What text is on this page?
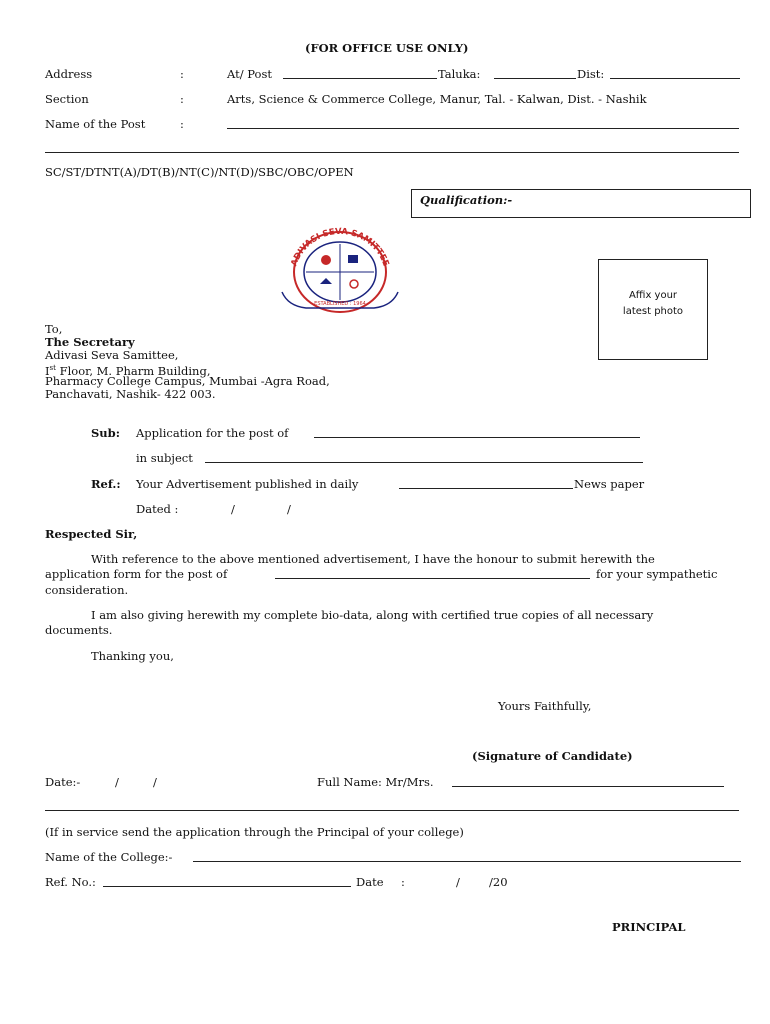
(FOR OFFICE USE ONLY)
Address	:	At/ Post	Taluka:	Dist:
Section	:	Arts, Science & Commerce College, Manur, Tal. - Kalwan, Dist. - Nashik
Name of the Post	:
SC/ST/DTNT(A)/DT(B)/NT(C)/NT(D)/SBC/OBC/OPEN
Qualification:-
ADIVASI SEVA SAMITTEE
ESTABLISHED : 1964
Affix your
latest photo
To,
The Secretary
Adivasi Seva Samittee,
Ist Floor, M. Pharm Building,
Pharmacy College Campus, Mumbai -Agra Road,
Panchavati, Nashik- 422 003.
Sub: Application for the post of
in subject
Ref.: Your Advertisement published in daily	News paper
Dated :	/	/
Respected Sir,
With reference to the above mentioned advertisement, I have the honour to submit herewith the
application form for the post of	for your sympathetic
consideration.
I am also giving herewith my complete bio-data, along with certified true copies of all necessary
documents.
Thanking you,
Yours Faithfully,
(Signature of Candidate)
Date:-	/	/	Full Name: Mr/Mrs.
(If in service send the application through the Principal of your college)
Name of the College:-
Ref. No.:	Date :	/	/20
PRINCIPAL
